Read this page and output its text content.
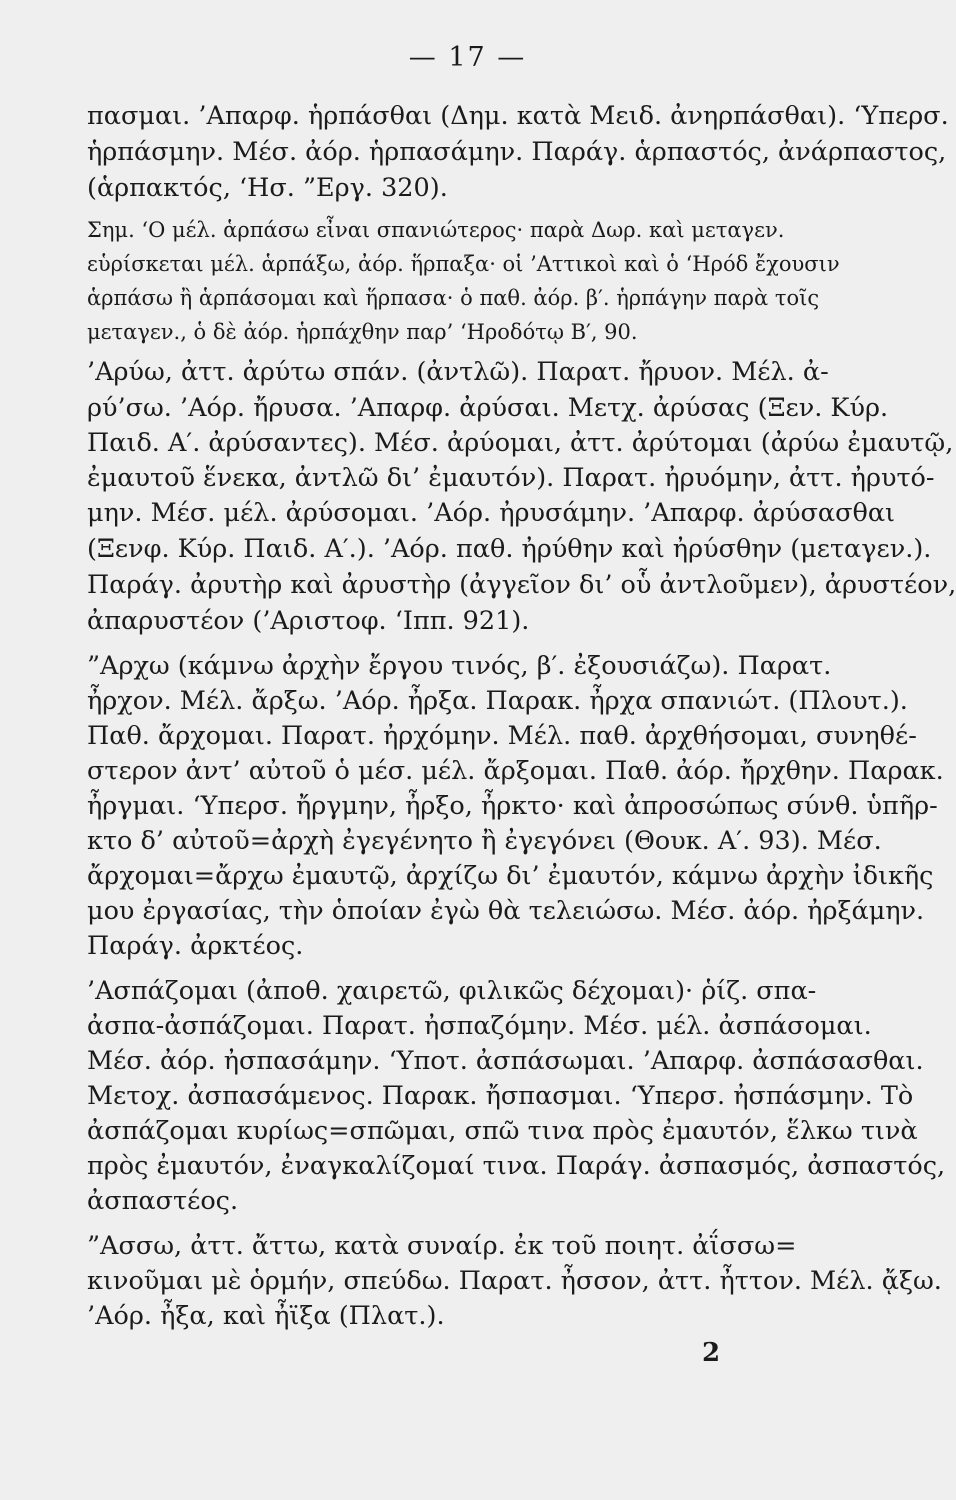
— 17 —
πασμαι. ’Απαρφ. ἡρπάσθαι (Δημ. κατὰ Μειδ. ἀνηρπάσθαι). ‘Υπερσ.
ἡρπάσμην. Μέσ. ἀόρ. ἡρπασάμην. Παράγ. ἁρπαστός, ἀνάρπαστος,
(ἁρπακτός, ‘Ησ. ”Εργ. 320).
Σημ. ‘Ο μέλ. ἁρπάσω εἶναι σπανιώτερος· παρὰ Δωρ. καὶ μεταγεν.
εὑρίσκεται μέλ. ἁρπάξω, ἀόρ. ἥρπαξα· οἱ ’Αττικοὶ καὶ ὁ ‘Ηρόδ ἔχουσιν
ἁρπάσω ἢ ἁρπάσομαι καὶ ἥρπασα· ὁ παθ. ἀόρ. β′. ἡρπάγην παρὰ τοῖς
μεταγεν., ὁ δὲ ἀόρ. ἡρπάχθην παρ’ ‘Ηροδότῳ Β′, 90.
’Αρύω, ἀττ. ἀρύτω σπάν. (ἀντλῶ). Παρατ. ἤρυον. Μέλ. ἀ-
ρύ’σω. ’Αόρ. ἤρυσα. ’Απαρφ. ἀρύσαι. Μετχ. ἀρύσας (Ξεν. Κύρ.
Παιδ. Α′. ἀρύσαντες). Μέσ. ἀρύομαι, ἀττ. ἀρύτομαι (ἀρύω ἐμαυτῷ,
ἐμαυτοῦ ἕνεκα, ἀντλῶ δι’ ἐμαυτόν). Παρατ. ἠρυόμην, ἀττ. ἠρυτό-
μην. Μέσ. μέλ. ἀρύσομαι. ’Αόρ. ἠρυσάμην. ’Απαρφ. ἀρύσασθαι
(Ξενφ. Κύρ. Παιδ. Α′.). ’Αόρ. παθ. ἠρύθην καὶ ἠρύσθην (μεταγεν.).
Παράγ. ἀρυτὴρ καὶ ἀρυστὴρ (ἀγγεῖον δι’ οὗ ἀντλοῦμεν), ἀρυστέον,
ἀπαρυστέον (’Αριστοφ. ‘Ιππ. 921).
”Αρχω (κάμνω ἀρχὴν ἔργου τινός, β′. ἐξουσιάζω). Παρατ.
ἦρχον. Μέλ. ἄρξω. ’Αόρ. ἦρξα. Παρακ. ἦρχα σπανιώτ. (Πλουτ.).
Παθ. ἄρχομαι. Παρατ. ἠρχόμην. Μέλ. παθ. ἀρχθήσομαι, συνηθέ-
στερον ἀντ’ αὐτοῦ ὁ μέσ. μέλ. ἄρξομαι. Παθ. ἀόρ. ἤρχθην. Παρακ.
ἦργμαι. ‘Υπερσ. ἤργμην, ἦρξο, ἦρκτο· καὶ ἀπροσώπως σύνθ. ὑπῆρ-
κτο δ’ αὐτοῦ=ἀρχὴ ἐγεγένητο ἢ ἐγεγόνει (Θουκ. Α′. 93). Μέσ.
ἄρχομαι=ἄρχω ἐμαυτῷ, ἀρχίζω δι’ ἐμαυτόν, κάμνω ἀρχὴν ἰδικῆς
μου ἐργασίας, τὴν ὁποίαν ἐγὼ θὰ τελειώσω. Μέσ. ἀόρ. ἠρξάμην.
Παράγ. ἀρκτέος.
’Ασπάζομαι (ἀποθ. χαιρετῶ, φιλικῶς δέχομαι)· ῥίζ. σπα-
ἀσπα-ἀσπάζομαι. Παρατ. ἠσπαζόμην. Μέσ. μέλ. ἀσπάσομαι.
Μέσ. ἀόρ. ἠσπασάμην. ‘Υποτ. ἀσπάσωμαι. ’Απαρφ. ἀσπάσασθαι.
Μετοχ. ἀσπασάμενος. Παρακ. ἤσπασμαι. ‘Υπερσ. ἠσπάσμην. Τὸ
ἀσπάζομαι κυρίως=σπῶμαι, σπῶ τινα πρὸς ἐμαυτόν, ἕλκω τινὰ
πρὸς ἐμαυτόν, ἐναγκαλίζομαί τινα. Παράγ. ἀσπασμός, ἀσπαστός,
ἀσπαστέος.
”Ασσω, ἀττ. ἄττω, κατὰ συναίρ. ἐκ τοῦ ποιητ. ἀΐσσω=
κινοῦμαι μὲ ὁρμήν, σπεύδω. Παρατ. ἦσσον, ἀττ. ἦττον. Μέλ. ᾄξω.
’Αόρ. ἦξα, καὶ ἦϊξα (Πλατ.).
2
